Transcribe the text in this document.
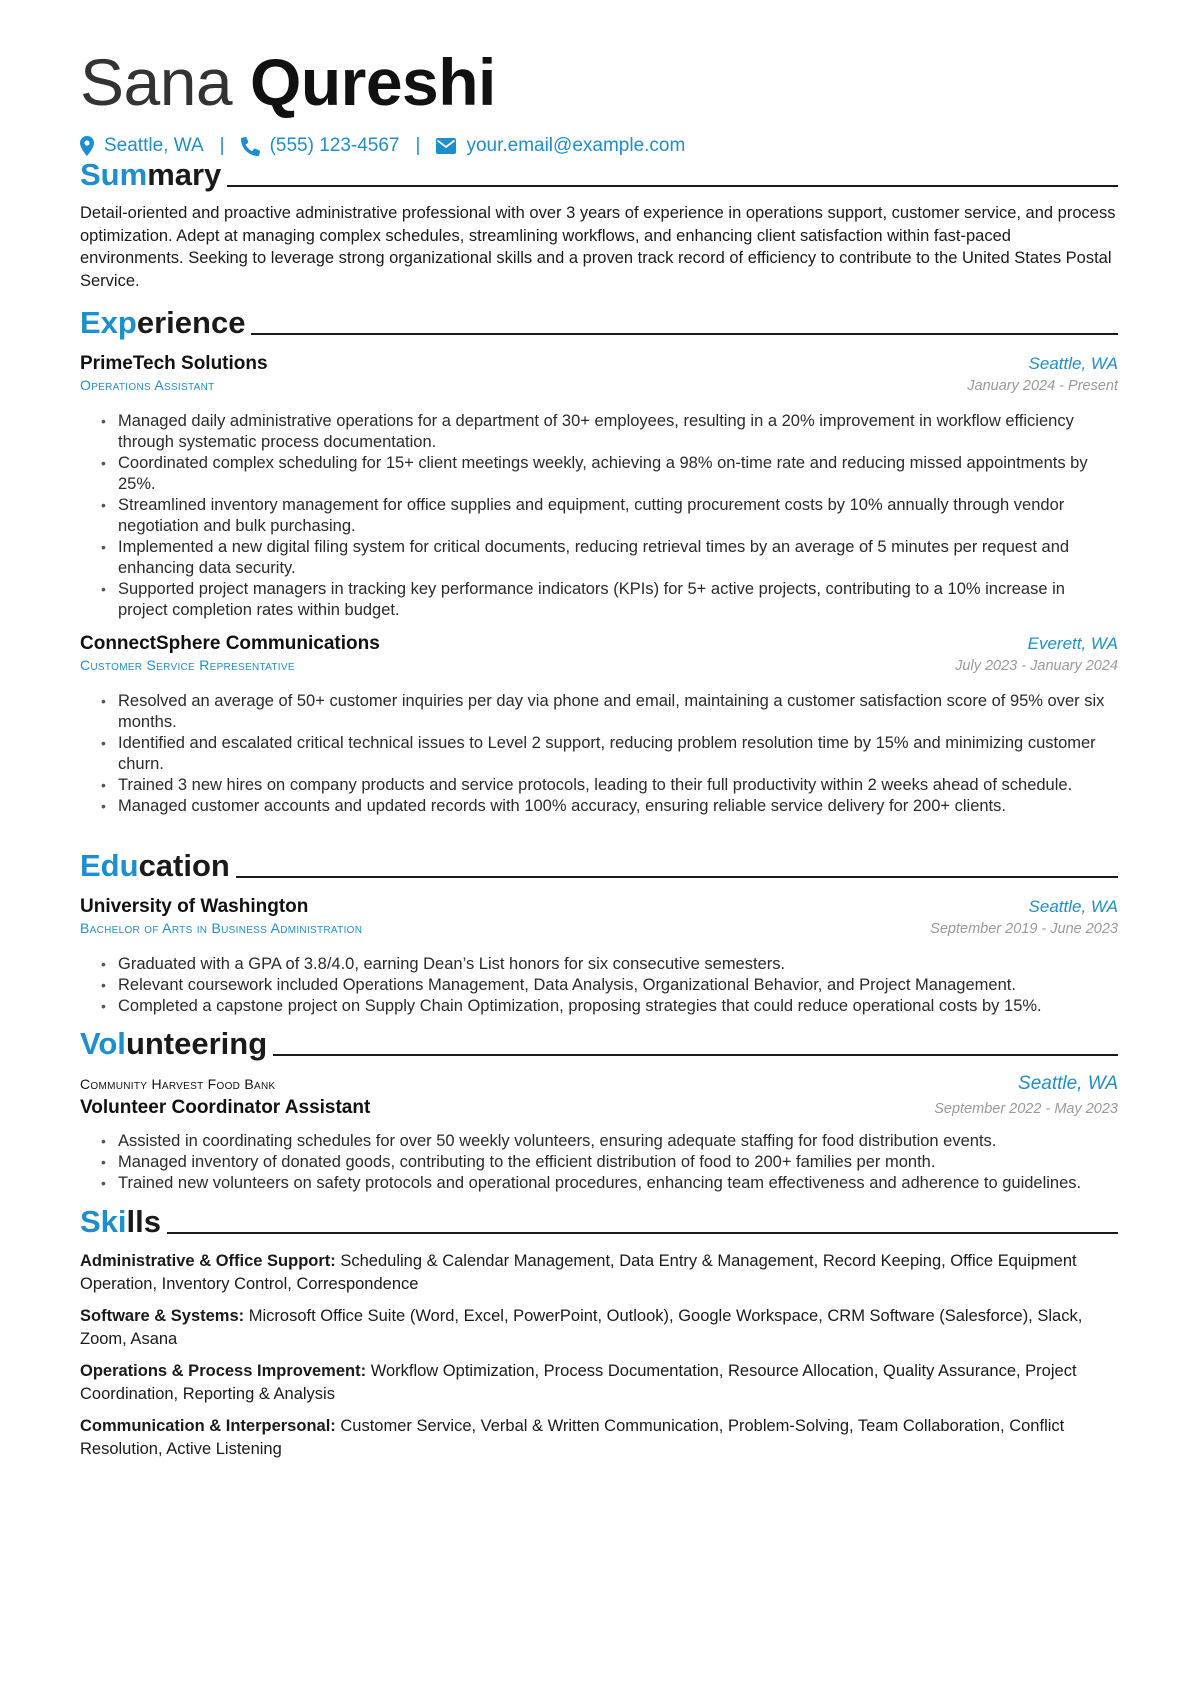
Sana Qureshi
Seattle, WA | (555) 123-4567 | your.email@example.com
Summary

Detail-oriented and proactive administrative professional with over 3 years of experience in operations support, customer service, and process optimization. Adept at managing complex schedules, streamlining workflows, and enhancing client satisfaction within fast-paced environments. Seeking to leverage strong organizational skills and a proven track record of efficiency to contribute to the United States Postal Service.

Experience
PrimeTech Solutions	Seattle, WA
Operations Assistant	January 2024 - Present
• Managed daily administrative operations for a department of 30+ employees, resulting in a 20% improvement in workflow efficiency through systematic process documentation.
• Coordinated complex scheduling for 15+ client meetings weekly, achieving a 98% on-time rate and reducing missed appointments by 25%.
• Streamlined inventory management for office supplies and equipment, cutting procurement costs by 10% annually through vendor negotiation and bulk purchasing.
• Implemented a new digital filing system for critical documents, reducing retrieval times by an average of 5 minutes per request and enhancing data security.
• Supported project managers in tracking key performance indicators (KPIs) for 5+ active projects, contributing to a 10% increase in project completion rates within budget.
ConnectSphere Communications	Everett, WA
Customer Service Representative	July 2023 - January 2024
• Resolved an average of 50+ customer inquiries per day via phone and email, maintaining a customer satisfaction score of 95% over six months.
• Identified and escalated critical technical issues to Level 2 support, reducing problem resolution time by 15% and minimizing customer churn.
• Trained 3 new hires on company products and service protocols, leading to their full productivity within 2 weeks ahead of schedule.
• Managed customer accounts and updated records with 100% accuracy, ensuring reliable service delivery for 200+ clients.
Education
University of Washington	Seattle, WA
Bachelor of Arts in Business Administration	September 2019 - June 2023
• Graduated with a GPA of 3.8/4.0, earning Dean’s List honors for six consecutive semesters.
• Relevant coursework included Operations Management, Data Analysis, Organizational Behavior, and Project Management.
• Completed a capstone project on Supply Chain Optimization, proposing strategies that could reduce operational costs by 15%.
Volunteering
Community Harvest Food Bank	Seattle, WA
Volunteer Coordinator Assistant	September 2022 - May 2023
• Assisted in coordinating schedules for over 50 weekly volunteers, ensuring adequate staffing for food distribution events.
• Managed inventory of donated goods, contributing to the efficient distribution of food to 200+ families per month.
• Trained new volunteers on safety protocols and operational procedures, enhancing team effectiveness and adherence to guidelines.
Skills
Administrative & Office Support: Scheduling & Calendar Management, Data Entry & Management, Record Keeping, Office Equipment Operation, Inventory Control, Correspondence
Software & Systems: Microsoft Office Suite (Word, Excel, PowerPoint, Outlook), Google Workspace, CRM Software (Salesforce), Slack, Zoom, Asana
Operations & Process Improvement: Workflow Optimization, Process Documentation, Resource Allocation, Quality Assurance, Project Coordination, Reporting & Analysis
Communication & Interpersonal: Customer Service, Verbal & Written Communication, Problem-Solving, Team Collaboration, Conflict Resolution, Active Listening
